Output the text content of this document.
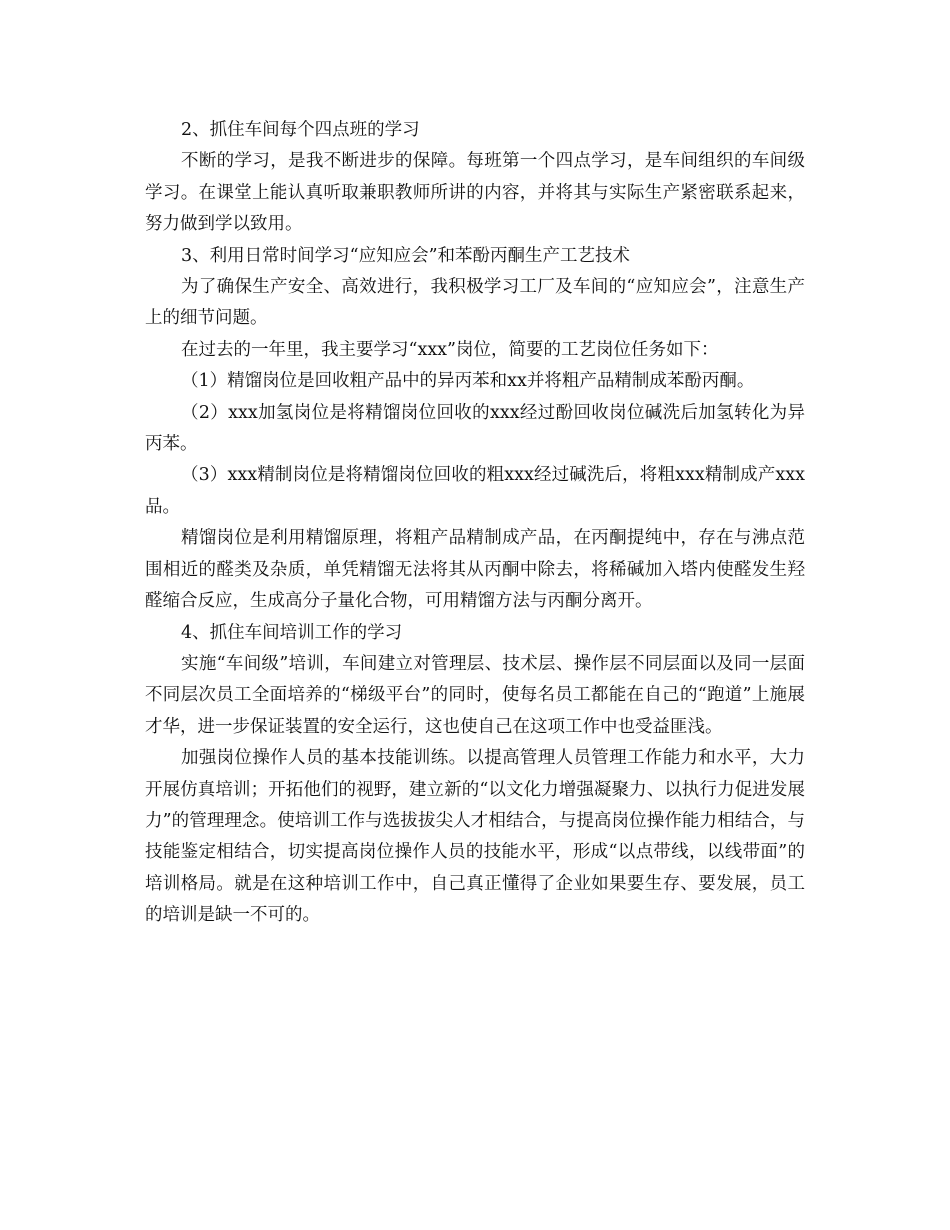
2、抓住车间每个四点班的学习

不断的学习，是我不断进步的保障。每班第一个四点学习，是车间组织的车间级学习。在课堂上能认真听取兼职教师所讲的内容，并将其与实际生产紧密联系起来，努力做到学以致用。

3、利用日常时间学习“应知应会”和苯酚丙酮生产工艺技术

为了确保生产安全、高效进行，我积极学习工厂及车间的“应知应会”，注意生产上的细节问题。

在过去的一年里，我主要学习“xxx”岗位，简要的工艺岗位任务如下：

（1）精馏岗位是回收粗产品中的异丙苯和xx并将粗产品精制成苯酚丙酮。

（2）xxx加氢岗位是将精馏岗位回收的xxx经过酚回收岗位碱洗后加氢转化为异丙苯。

（3）xxx精制岗位是将精馏岗位回收的粗xxx经过碱洗后，将粗xxx精制成产xxx品。

精馏岗位是利用精馏原理，将粗产品精制成产品，在丙酮提纯中，存在与沸点范围相近的醛类及杂质，单凭精馏无法将其从丙酮中除去，将稀碱加入塔内使醛发生羟醛缩合反应，生成高分子量化合物，可用精馏方法与丙酮分离开。

4、抓住车间培训工作的学习

实施“车间级”培训，车间建立对管理层、技术层、操作层不同层面以及同一层面不同层次员工全面培养的“梯级平台”的同时，使每名员工都能在自己的“跑道”上施展才华，进一步保证装置的安全运行，这也使自己在这项工作中也受益匪浅。

加强岗位操作人员的基本技能训练。以提高管理人员管理工作能力和水平，大力开展仿真培训；开拓他们的视野，建立新的“以文化力增强凝聚力、以执行力促进发展力”的管理理念。使培训工作与选拔拔尖人才相结合，与提高岗位操作能力相结合，与技能鉴定相结合，切实提高岗位操作人员的技能水平，形成“以点带线，以线带面”的培训格局。就是在这种培训工作中，自己真正懂得了企业如果要生存、要发展，员工的培训是缺一不可的。
